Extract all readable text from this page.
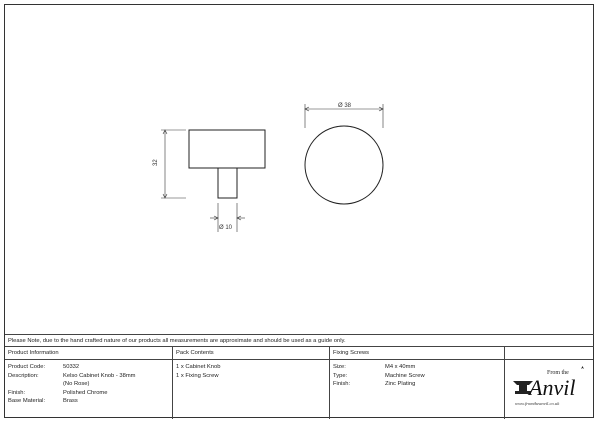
32
Ø 10
Ø 38
Please Note, due to the hand crafted nature of our products all measurements are approximate and should be used as a guide only.
Product Information
Product Code:	50332
Description:	Kelso Cabinet Knob - 38mm
(No Rose)
Finish:	Polished Chrome
Base Material:	Brass
Pack Contents
1 x Cabinet Knob
1 x Fixing Screw
Fixing Screws
Size:	M4 x 40mm
Type:	Machine Screw
Finish:	Zinc Plating
From the
Anvil
www.fromtheanvil.co.uk
